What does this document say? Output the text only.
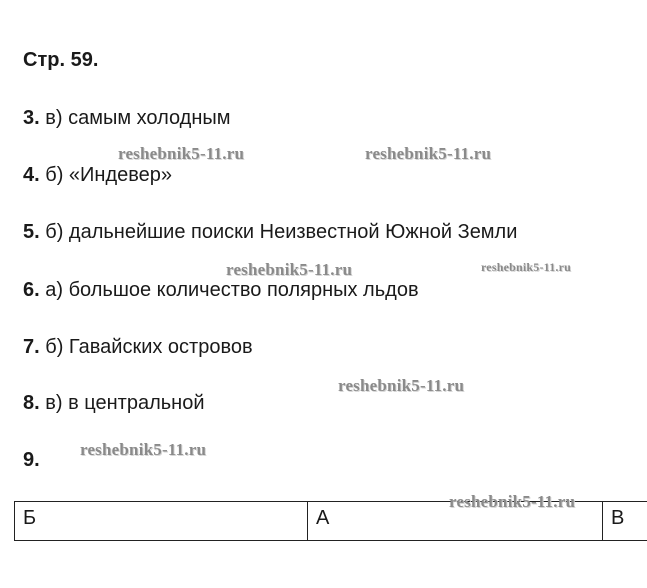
Стр. 59.
3. в) самым холодным
4. б) «Индевер»
5. б) дальнейшие поиски Неизвестной Южной Земли
6. а) большое количество полярных льдов
7. б) Гавайских островов
8. в) в центральной
9.
reshebnik5-11.ru	reshebnik5-11.ru
reshebnik5-11.ru	reshebnik5-11.ru
reshebnik5-11.ru
reshebnik5-11.ru
Б	А	В
reshebnik5-11.ru
